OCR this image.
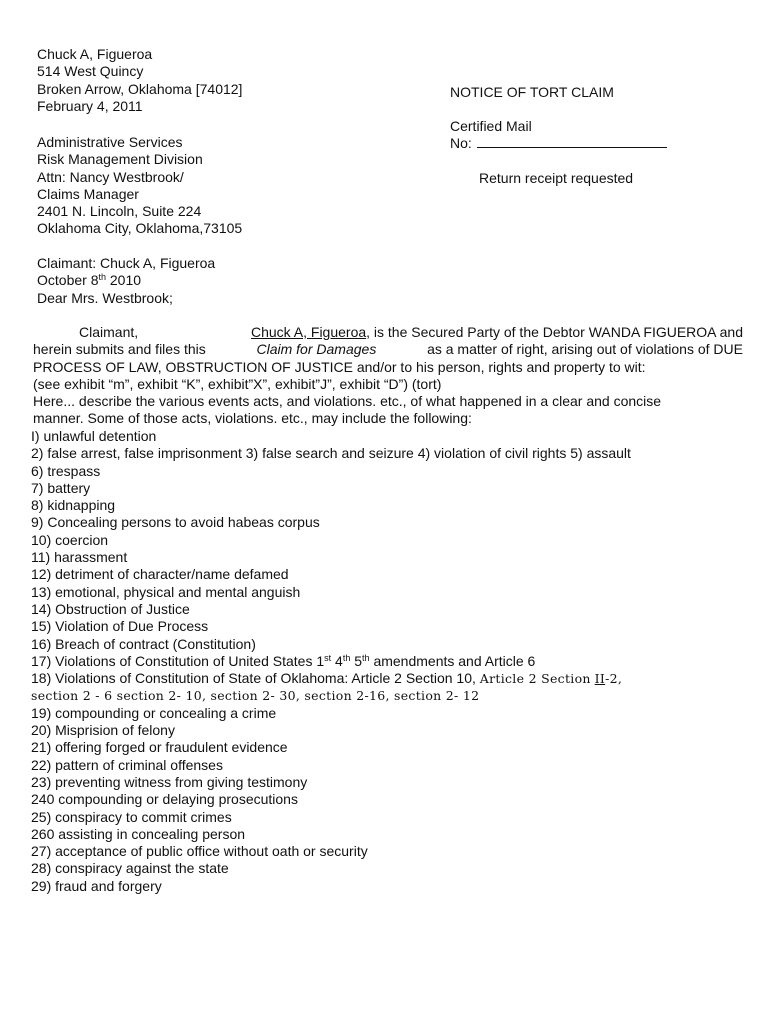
Chuck A, Figueroa
514 West Quincy
Broken Arrow, Oklahoma [74012]
February 4, 2011
NOTICE OF TORT CLAIM
Certified Mail
No:
Return receipt requested
Administrative Services
Risk Management Division
Attn: Nancy Westbrook/
Claims Manager
2401 N. Lincoln, Suite 224
Oklahoma City, Oklahoma,73105
Claimant: Chuck A, Figueroa
October 8th 2010
Dear Mrs. Westbrook;
Claimant,	Chuck A, Figueroa, is the Secured Party of the Debtor WANDA FIGUEROA and
herein submits and files this	Claim for Damages	as a matter of right, arising out of violations of DUE
PROCESS OF LAW, OBSTRUCTION OF JUSTICE and/or to his person, rights and property to wit:
(see exhibit “m”, exhibit “K”, exhibit”X”, exhibit”J”, exhibit “D”) (tort)
Here... describe the various events acts, and violations. etc., of what happened in a clear and concise
manner. Some of those acts, violations. etc., may include the following:
I) unlawful detention
2) false arrest, false imprisonment 3) false search and seizure 4) violation of civil rights 5) assault
6) trespass
7) battery
8) kidnapping
9) Concealing persons to avoid habeas corpus
10) coercion
11) harassment
12) detriment of character/name defamed
13) emotional, physical and mental anguish
14) Obstruction of Justice
15) Violation of Due Process
16) Breach of contract (Constitution)
17) Violations of Constitution of United States 1st 4th 5th amendments and Article 6
18) Violations of Constitution of State of Oklahoma: Article 2 Section 10, Article 2 Section II-2,
section 2 - 6 section 2- 10, section 2- 30, section 2-16, section 2- 12
19) compounding or concealing a crime
20) Misprision of felony
21) offering forged or fraudulent evidence
22) pattern of criminal offenses
23) preventing witness from giving testimony
240 compounding or delaying prosecutions
25) conspiracy to commit crimes
260 assisting in concealing person
27) acceptance of public office without oath or security
28) conspiracy against the state
29) fraud and forgery
